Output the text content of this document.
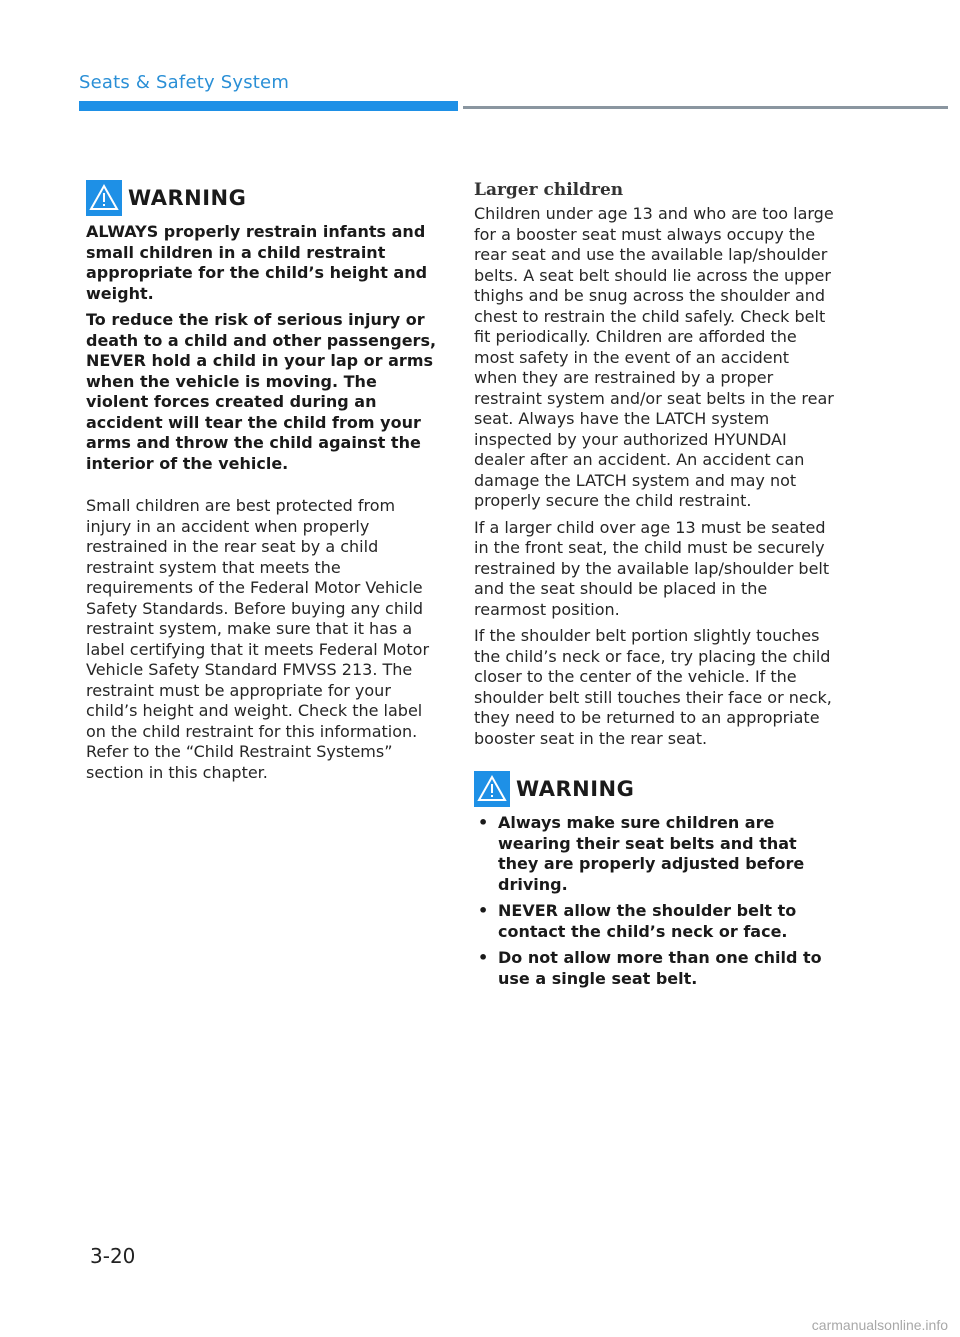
Seats & Safety System
WARNING

ALWAYS properly restrain infants and small children in a child restraint appropriate for the child’s height and weight.

To reduce the risk of serious injury or death to a child and other passengers, NEVER hold a child in your lap or arms when the vehicle is moving. The violent forces created during an accident will tear the child from your arms and throw the child against the interior of the vehicle.

Small children are best protected from injury in an accident when properly restrained in the rear seat by a child restraint system that meets the requirements of the Federal Motor Vehicle Safety Standards. Before buying any child restraint system, make sure that it has a label certifying that it meets Federal Motor Vehicle Safety Standard FMVSS 213. The restraint must be appropriate for your child’s height and weight. Check the label on the child restraint for this information. Refer to the “Child Restraint Systems” section in this chapter.

Larger children

Children under age 13 and who are too large for a booster seat must always occupy the rear seat and use the available lap/shoulder belts. A seat belt should lie across the upper thighs and be snug across the shoulder and chest to restrain the child safely. Check belt fit periodically. Children are afforded the most safety in the event of an accident when they are restrained by a proper restraint system and/or seat belts in the rear seat. Always have the LATCH system inspected by your authorized HYUNDAI dealer after an accident. An accident can damage the LATCH system and may not properly secure the child restraint.

If a larger child over age 13 must be seated in the front seat, the child must be securely restrained by the available lap/shoulder belt and the seat should be placed in the rearmost position.

If the shoulder belt portion slightly touches the child’s neck or face, try placing the child closer to the center of the vehicle. If the shoulder belt still touches their face or neck, they need to be returned to an appropriate booster seat in the rear seat.

WARNING
• Always make sure children are wearing their seat belts and that they are properly adjusted before driving.
• NEVER allow the shoulder belt to contact the child’s neck or face.
• Do not allow more than one child to use a single seat belt.
3-20
carmanualsonline.info
